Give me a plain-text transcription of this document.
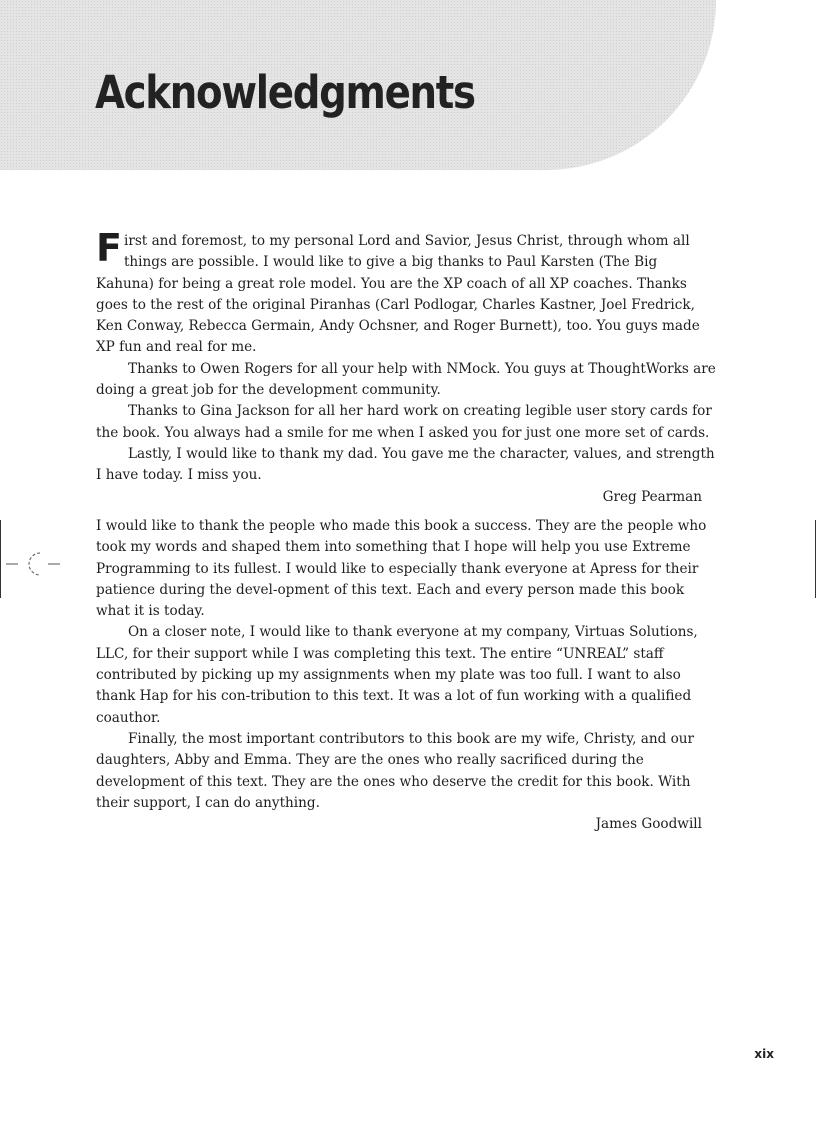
Acknowledgments

First and foremost, to my personal Lord and Savior, Jesus Christ, through whom all things are possible. I would like to give a big thanks to Paul Karsten (The Big Kahuna) for being a great role model. You are the XP coach of all XP coaches. Thanks goes to the rest of the original Piranhas (Carl Podlogar, Charles Kastner, Joel Fredrick, Ken Conway, Rebecca Germain, Andy Ochsner, and Roger Burnett), too. You guys made XP fun and real for me.

Thanks to Owen Rogers for all your help with NMock. You guys at ThoughtWorks are doing a great job for the development community.

Thanks to Gina Jackson for all her hard work on creating legible user story cards for the book. You always had a smile for me when I asked you for just one more set of cards.

Lastly, I would like to thank my dad. You gave me the character, values, and strength I have today. I miss you.

Greg Pearman

I would like to thank the people who made this book a success. They are the people who took my words and shaped them into something that I hope will help you use Extreme Programming to its fullest. I would like to especially thank everyone at Apress for their patience during the devel-opment of this text. Each and every person made this book what it is today.

On a closer note, I would like to thank everyone at my company, Virtuas Solutions, LLC, for their support while I was completing this text. The entire “UNREAL” staff contributed by picking up my assignments when my plate was too full. I want to also thank Hap for his con-tribution to this text. It was a lot of fun working with a qualified coauthor.

Finally, the most important contributors to this book are my wife, Christy, and our daughters, Abby and Emma. They are the ones who really sacrificed during the development of this text. They are the ones who deserve the credit for this book. With their support, I can do anything.

James Goodwill

xix
